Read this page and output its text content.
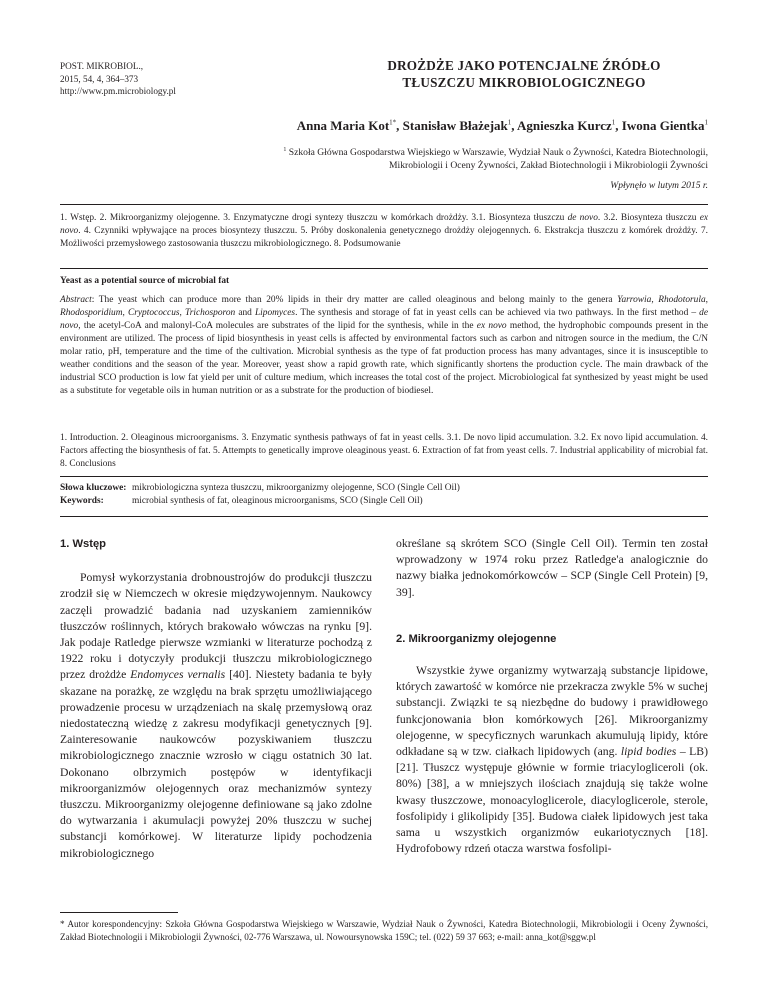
POST. MIKROBIOL.,
2015, 54, 4, 364–373
http://www.pm.microbiology.pl
DROŻDŻE JAKO POTENCJALNE ŹRÓDŁO
TŁUSZCZU MIKROBIOLOGICZNEGO
Anna Maria Kot$^{1*}$, Stanisław Błażejak$^1$, Agnieszka Kurcz$^1$, Iwona Gientka$^1$
$^1$ Szkoła Główna Gospodarstwa Wiejskiego w Warszawie, Wydział Nauk o Żywności, Katedra Biotechnologii,
Mikrobiologii i Oceny Żywności, Zakład Biotechnologii i Mikrobiologii Żywności
Wpłynęło w lutym 2015 r.
1. Wstęp. 2. Mikroorganizmy olejogenne. 3. Enzymatyczne drogi syntezy tłuszczu w komórkach drożdży. 3.1. Biosynteza tłuszczu de novo. 3.2. Biosynteza tłuszczu ex novo. 4. Czynniki wpływające na proces biosyntezy tłuszczu. 5. Próby doskonalenia genetycznego drożdży olejogennych. 6. Ekstrakcja tłuszczu z komórek drożdży. 7. Możliwości przemysłowego zastosowania tłuszczu mikrobiologicznego. 8. Podsumowanie
Yeast as a potential source of microbial fat
Abstract: The yeast which can produce more than 20% lipids in their dry matter are called oleaginous and belong mainly to the genera Yarrowia, Rhodotorula, Rhodosporidium, Cryptococcus, Trichosporon and Lipomyces. The synthesis and storage of fat in yeast cells can be achieved via two pathways. In the first method – de novo, the acetyl-CoA and malonyl-CoA molecules are substrates of the lipid for the synthesis, while in the ex novo method, the hydrophobic compounds present in the environment are utilized. The process of lipid biosynthesis in yeast cells is affected by environmental factors such as carbon and nitrogen source in the medium, the C/N molar ratio, pH, temperature and the time of the cultivation. Microbial synthesis as the type of fat production process has many advantages, since it is insusceptible to weather conditions and the season of the year. Moreover, yeast show a rapid growth rate, which significantly shortens the production cycle. The main drawback of the industrial SCO production is low fat yield per unit of culture medium, which increases the total cost of the project. Microbiological fat synthesized by yeast might be used as a substitute for vegetable oils in human nutrition or as a substrate for the production of biodiesel.
1. Introduction. 2. Oleaginous microorganisms. 3. Enzymatic synthesis pathways of fat in yeast cells. 3.1. De novo lipid accumulation. 3.2. Ex novo lipid accumulation. 4. Factors affecting the biosynthesis of fat. 5. Attempts to genetically improve oleaginous yeast. 6. Extraction of fat from yeast cells. 7. Industrial applicability of microbial fat. 8. Conclusions
Słowa kluczowe: mikrobiologiczna synteza tłuszczu, mikroorganizmy olejogenne, SCO (Single Cell Oil)
Keywords:	microbial synthesis of fat, oleaginous microorganisms, SCO (Single Cell Oil)
1. Wstęp

Pomysł wykorzystania drobnoustrojów do produkcji tłuszczu zrodził się w Niemczech w okresie międzywojennym. Naukowcy zaczęli prowadzić badania nad uzyskaniem zamienników tłuszczów roślinnych, których brakowało wówczas na rynku [9]. Jak podaje Ratledge pierwsze wzmianki w literaturze pochodzą z 1922 roku i dotyczyły produkcji tłuszczu mikrobiologicznego przez drożdże Endomyces vernalis [40]. Niestety badania te były skazane na porażkę, ze względu na brak sprzętu umożliwiającego prowadzenie procesu w urządzeniach na skalę przemysłową oraz niedostateczną wiedzę z zakresu modyfikacji genetycznych [9]. Zainteresowanie naukowców pozyskiwaniem tłuszczu mikrobiologicznego znacznie wzrosło w ciągu ostatnich 30 lat. Dokonano olbrzymich postępów w identyfikacji mikroorganizmów olejogennych oraz mechanizmów syntezy tłuszczu. Mikroorganizmy olejogenne definiowane są jako zdolne do wytwarzania i akumulacji powyżej 20% tłuszczu w suchej substancji komórkowej. W literaturze lipidy pochodzenia mikrobiologicznego

określane są skrótem SCO (Single Cell Oil). Termin ten został wprowadzony w 1974 roku przez Ratledge'a analogicznie do nazwy białka jednokomórkowców – SCP (Single Cell Protein) [9, 39].

2. Mikroorganizmy olejogenne

Wszystkie żywe organizmy wytwarzają substancje lipidowe, których zawartość w komórce nie przekracza zwykle 5% w suchej substancji. Związki te są niezbędne do budowy i prawidłowego funkcjonowania błon komórkowych [26]. Mikroorganizmy olejogenne, w specyficznych warunkach akumulują lipidy, które odkładane są w tzw. ciałkach lipidowych (ang. lipid bodies – LB) [21]. Tłuszcz występuje głównie w formie triacylogliceroli (ok. 80%) [38], a w mniejszych ilościach znajdują się także wolne kwasy tłuszczowe, monoacyloglicerole, diacyloglicerole, sterole, fosfolipidy i glikolipidy [35]. Budowa ciałek lipidowych jest taka sama u wszystkich organizmów eukariotycznych [18]. Hydrofobowy rdzeń otacza warstwa fosfolipi-

* Autor korespondencyjny: Szkoła Główna Gospodarstwa Wiejskiego w Warszawie, Wydział Nauk o Żywności, Katedra Biotechnologii, Mikrobiologii i Oceny Żywności, Zakład Biotechnologii i Mikrobiologii Żywności, 02-776 Warszawa, ul. Nowoursynowska 159C; tel. (022) 59 37 663; e-mail: anna_kot@sggw.pl
